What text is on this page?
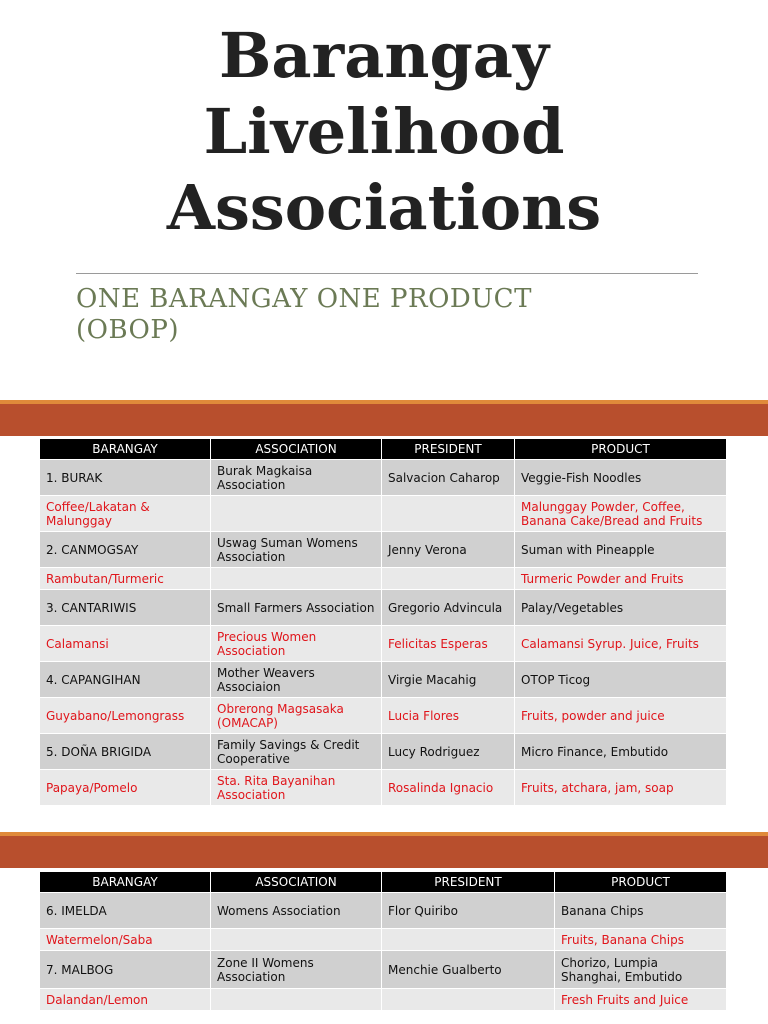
Barangay
Livelihood
Associations
ONE BARANGAY ONE PRODUCT
(OBOP)
BARANGAY	ASSOCIATION	PRESIDENT	PRODUCT
1. BURAK	Burak Magkaisa Association	Salvacion Caharop	Veggie-Fish Noodles
Coffee/Lakatan & Malunggay			Malunggay Powder, Coffee, Banana Cake/Bread and Fruits
2. CANMOGSAY	Uswag Suman Womens Association	Jenny Verona	Suman with Pineapple
Rambutan/Turmeric			Turmeric Powder and Fruits
3. CANTARIWIS	Small Farmers Association	Gregorio Advincula	Palay/Vegetables
Calamansi	Precious Women Association	Felicitas Esperas	Calamansi Syrup. Juice, Fruits
4. CAPANGIHAN	Mother Weavers Associaion	Virgie Macahig	OTOP Ticog
Guyabano/Lemongrass	Obrerong Magsasaka (OMACAP)	Lucia Flores	Fruits, powder and juice
5. DOÑA BRIGIDA	Family Savings & Credit Cooperative	Lucy Rodriguez	Micro Finance, Embutido
Papaya/Pomelo	Sta. Rita Bayanihan Association	Rosalinda Ignacio	Fruits, atchara, jam, soap
BARANGAY	ASSOCIATION	PRESIDENT	PRODUCT
6. IMELDA	Womens Association	Flor Quiribo	Banana Chips
Watermelon/Saba			Fruits, Banana Chips
7. MALBOG	Zone II Womens Association	Menchie Gualberto	Chorizo, Lumpia Shanghai, Embutido
Dalandan/Lemon			Fresh Fruits and Juice
